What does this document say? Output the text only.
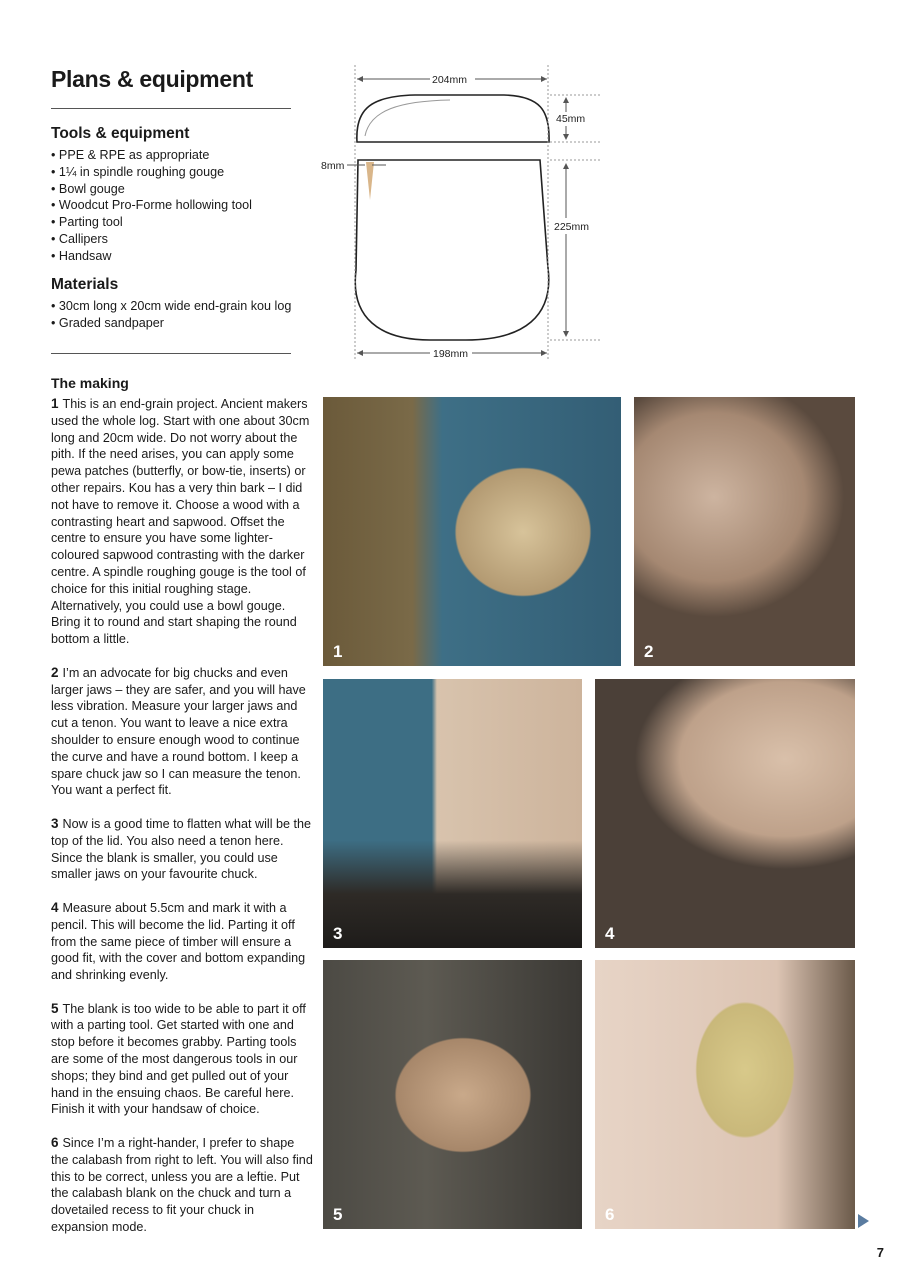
Plans & equipment
Tools & equipment
• PPE & RPE as appropriate
• 1¼ in spindle roughing gouge
• Bowl gouge
• Woodcut Pro-Forme hollowing tool
• Parting tool
• Callipers
• Handsaw
Materials
• 30cm long x 20cm wide end-grain kou log
• Graded sandpaper
204mm
45mm
8mm
225mm
198mm
The making

1 This is an end-grain project. Ancient makers used the whole log. Start with one about 30cm long and 20cm wide. Do not worry about the pith. If the need arises, you can apply some pewa patches (butterfly, or bow-tie, inserts) or other repairs. Kou has a very thin bark – I did not have to remove it. Choose a wood with a contrasting heart and sapwood. Offset the centre to ensure you have some lighter-coloured sapwood contrasting with the darker centre. A spindle roughing gouge is the tool of choice for this initial roughing stage. Alternatively, you could use a bowl gouge. Bring it to round and start shaping the round bottom a little.

2 I’m an advocate for big chucks and even larger jaws – they are safer, and you will have less vibration. Measure your larger jaws and cut a tenon. You want to leave a nice extra shoulder to ensure enough wood to continue the curve and have a round bottom. I keep a spare chuck jaw so I can measure the tenon. You want a perfect fit.

3 Now is a good time to flatten what will be the top of the lid. You also need a tenon here. Since the blank is smaller, you could use smaller jaws on your favourite chuck.

4 Measure about 5.5cm and mark it with a pencil. This will become the lid. Parting it off from the same piece of timber will ensure a good fit, with the cover and bottom expanding and shrinking evenly.

5 The blank is too wide to be able to part it off with a parting tool. Get started with one and stop before it becomes grabby. Parting tools are some of the most dangerous tools in our shops; they bind and get pulled out of your hand in the ensuing chaos. Be careful here. Finish it with your handsaw of choice.

6 Since I’m a right-hander, I prefer to shape the calabash from right to left. You will also find this to be correct, unless you are a leftie. Put the calabash blank on the chuck and turn a dovetailed recess to fit your chuck in expansion mode.

1	2
3	4
5	6
7
